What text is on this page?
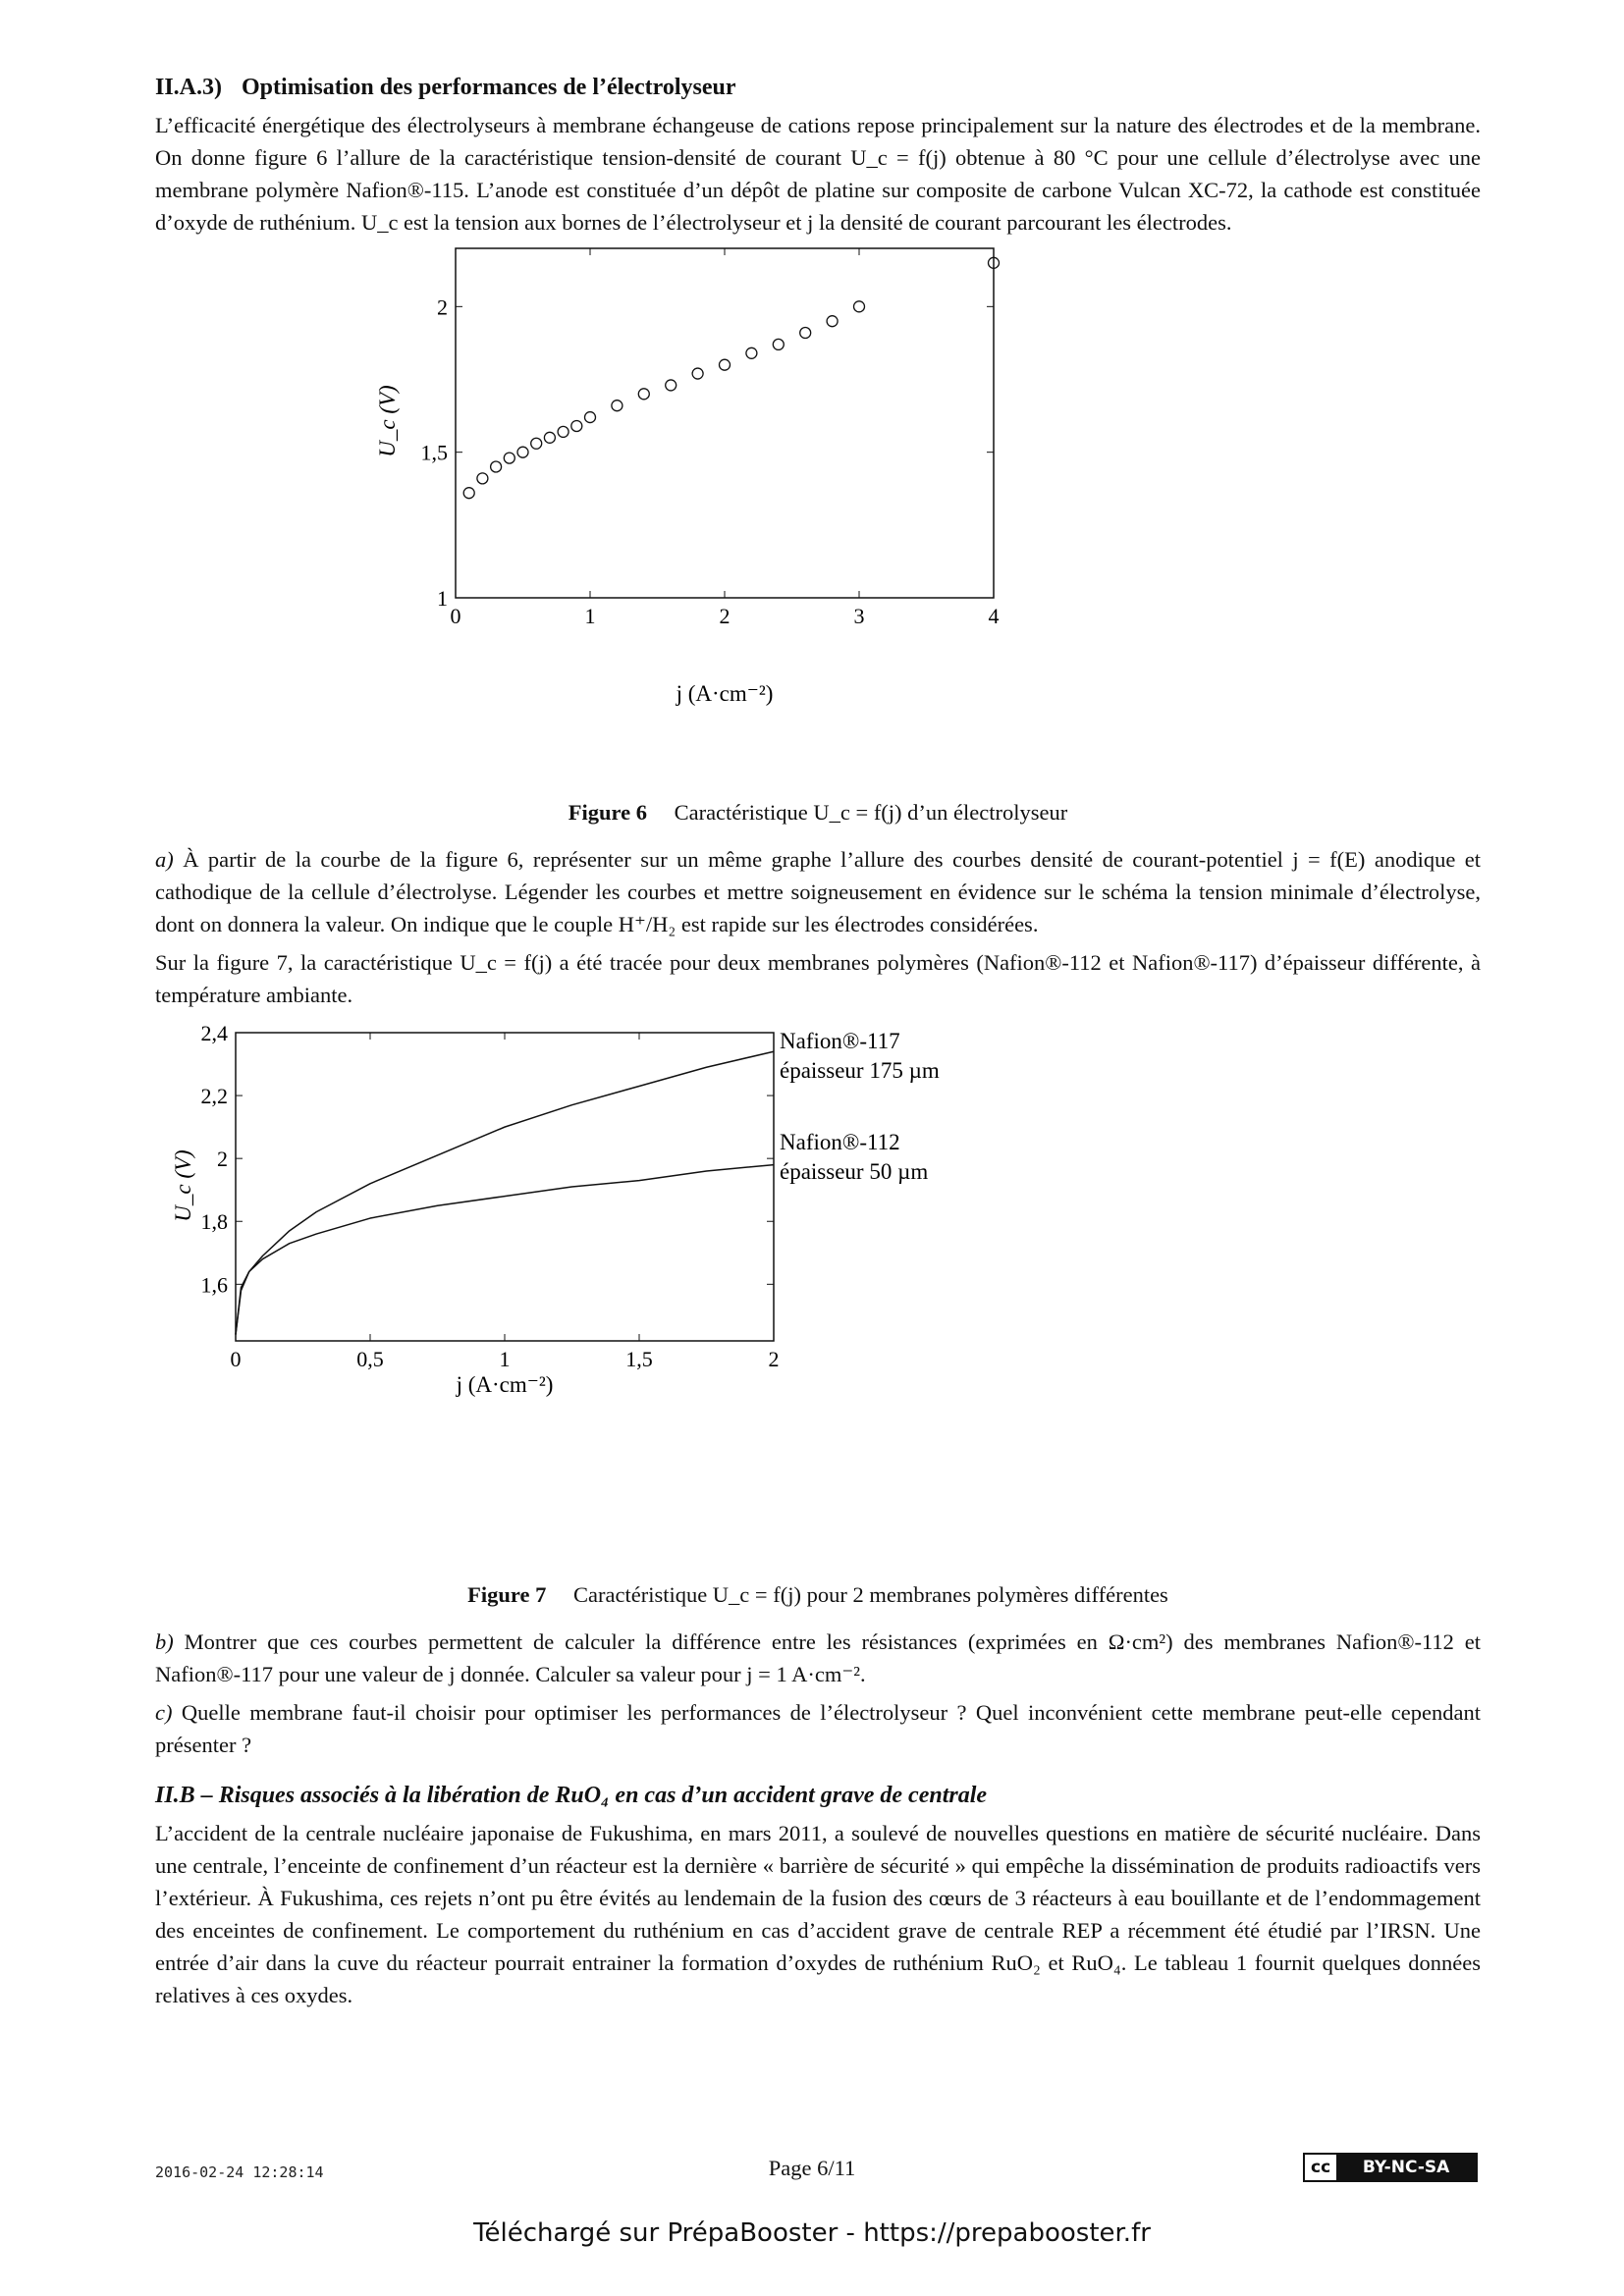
II.A.3) Optimisation des performances de l’électrolyseur

L’efficacité énergétique des électrolyseurs à membrane échangeuse de cations repose principalement sur la nature des électrodes et de la membrane. On donne figure 6 l’allure de la caractéristique tension-densité de courant U_c = f(j) obtenue à 80 °C pour une cellule d’électrolyse avec une membrane polymère Nafion®-115. L’anode est constituée d’un dépôt de platine sur composite de carbone Vulcan XC-72, la cathode est constituée d’oxyde de ruthénium. U_c est la tension aux bornes de l’électrolyseur et j la densité de courant parcourant les électrodes.

0	1	2	3	4
1
1,5
2
U_c (V)
j (A·cm⁻²)
Figure 6 Caractéristique U_c = f(j) d’un électrolyseur

a) À partir de la courbe de la figure 6, représenter sur un même graphe l’allure des courbes densité de courant-potentiel j = f(E) anodique et cathodique de la cellule d’électrolyse. Légender les courbes et mettre soigneusement en évidence sur le schéma la tension minimale d’électrolyse, dont on donnera la valeur. On indique que le couple H⁺/H₂ est rapide sur les électrodes considérées.

Sur la figure 7, la caractéristique U_c = f(j) a été tracée pour deux membranes polymères (Nafion®-112 et Nafion®-117) d’épaisseur différente, à température ambiante.

0	0,5	1	1,5	2
1,6
1,8
2
2,2
2,4
U_c (V)
j (A·cm⁻²)
Nafion®-117
épaisseur 175 µm
Nafion®-112
épaisseur 50 µm
Figure 7 Caractéristique U_c = f(j) pour 2 membranes polymères différentes

b) Montrer que ces courbes permettent de calculer la différence entre les résistances (exprimées en Ω·cm²) des membranes Nafion®-112 et Nafion®-117 pour une valeur de j donnée. Calculer sa valeur pour j = 1 A·cm⁻².

c) Quelle membrane faut-il choisir pour optimiser les performances de l’électrolyseur ? Quel inconvénient cette membrane peut-elle cependant présenter ?

II.B – Risques associés à la libération de RuO₄ en cas d’un accident grave de centrale

L’accident de la centrale nucléaire japonaise de Fukushima, en mars 2011, a soulevé de nouvelles questions en matière de sécurité nucléaire. Dans une centrale, l’enceinte de confinement d’un réacteur est la dernière « barrière de sécurité » qui empêche la dissémination de produits radioactifs vers l’extérieur. À Fukushima, ces rejets n’ont pu être évités au lendemain de la fusion des cœurs de 3 réacteurs à eau bouillante et de l’endommagement des enceintes de confinement. Le comportement du ruthénium en cas d’accident grave de centrale REP a récemment été étudié par l’IRSN. Une entrée d’air dans la cuve du réacteur pourrait entrainer la formation d’oxydes de ruthénium RuO₂ et RuO₄. Le tableau 1 fournit quelques données relatives à ces oxydes.

2016-02-24 12:28:14	Page 6/11	cc	BY-NC-SA
Téléchargé sur PrépaBooster - https://prepabooster.fr
